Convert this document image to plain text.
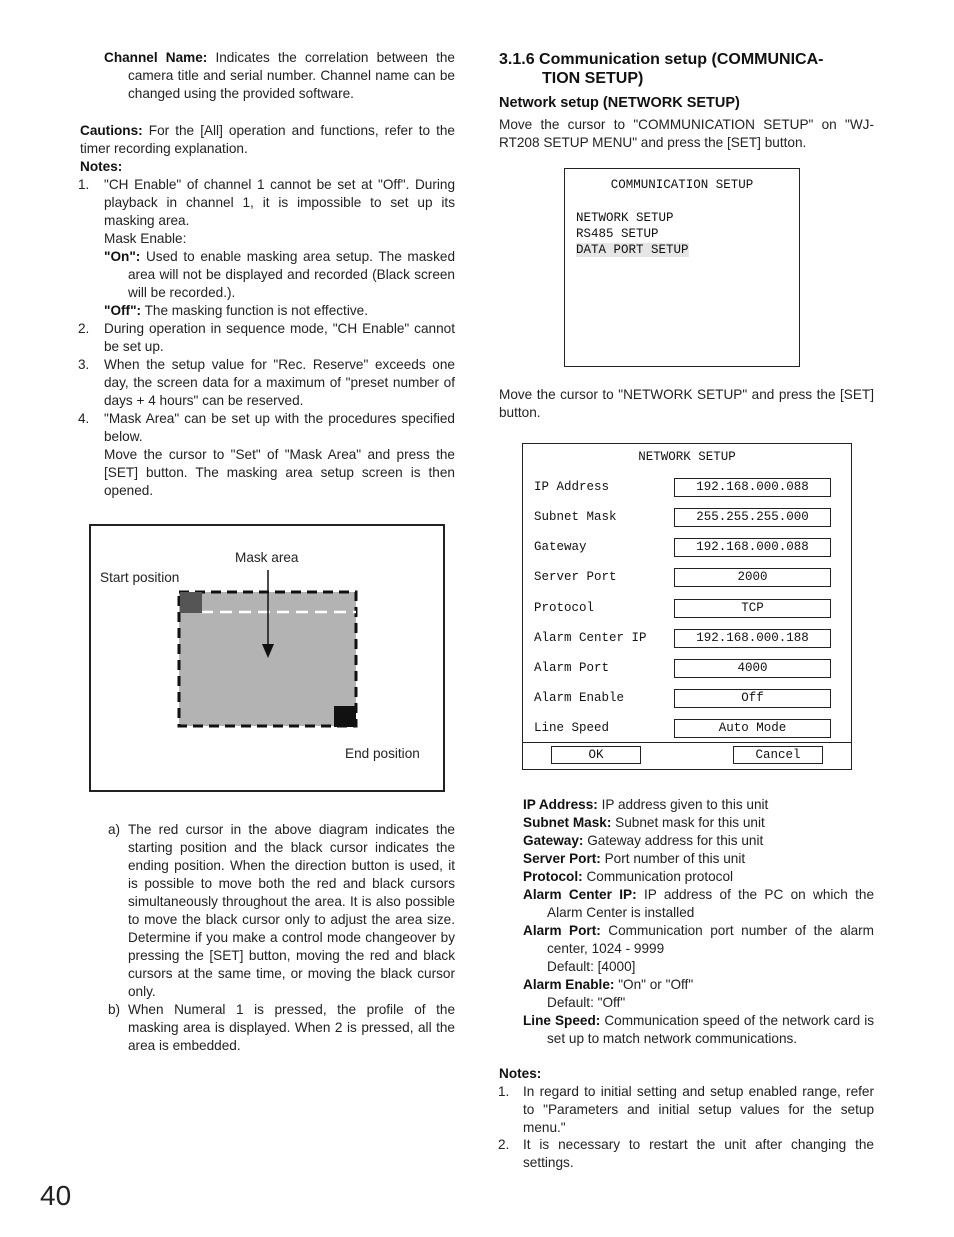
Channel Name: Indicates the correlation between the camera title and serial number. Channel name can be changed using the provided software.
Cautions: For the [All] operation and functions, refer to the timer recording explanation.
Notes:
1.	"CH Enable" of channel 1 cannot be set at "Off". During playback in channel 1, it is impossible to set up its masking area.
Mask Enable:
"On": Used to enable masking area setup. The masked area will not be displayed and recorded (Black screen will be recorded.).
"Off": The masking function is not effective.
2.	During operation in sequence mode, "CH Enable" cannot be set up.
3.	When the setup value for "Rec. Reserve" exceeds one day, the screen data for a maximum of "preset number of days + 4 hours" can be reserved.
4.	"Mask Area" can be set up with the procedures specified below.
Move the cursor to "Set" of "Mask Area" and press the [SET] button. The masking area setup screen is then opened.
Mask area
Start position
End position
a) The red cursor in the above diagram indicates the starting position and the black cursor indicates the ending position. When the direction button is used, it is possible to move both the red and black cursors simultaneously throughout the area. It is also possible to move the black cursor only to adjust the area size. Determine if you make a control mode changeover by pressing the [SET] button, moving the red and black cursors at the same time, or moving the black cursor only.
b) When Numeral 1 is pressed, the profile of the masking area is displayed. When 2 is pressed, all the area is embedded.
3.1.6 Communication setup (COMMUNICA-
TION SETUP)
Network setup (NETWORK SETUP)
Move the cursor to "COMMUNICATION SETUP" on "WJ-RT208 SETUP MENU" and press the [SET] button.
COMMUNICATION SETUP
NETWORK SETUP
RS485 SETUP
DATA PORT SETUP
Move the cursor to "NETWORK SETUP" and press the [SET] button.
NETWORK SETUP
IP Address	192.168.000.088
Subnet Mask	255.255.255.000
Gateway	192.168.000.088
Server Port	2000
Protocol	TCP
Alarm Center IP	192.168.000.188
Alarm Port	4000
Alarm Enable	Off
Line Speed	Auto Mode
OK	Cancel
IP Address: IP address given to this unit
Subnet Mask: Subnet mask for this unit
Gateway: Gateway address for this unit
Server Port: Port number of this unit
Protocol: Communication protocol
Alarm Center IP: IP address of the PC on which the Alarm Center is installed
Alarm Port: Communication port number of the alarm center, 1024 - 9999
Default: [4000]
Alarm Enable: "On" or "Off"
Default: "Off"
Line Speed: Communication speed of the network card is set up to match network communications.
Notes:
1.	In regard to initial setting and setup enabled range, refer to "Parameters and initial setup values for the setup menu."
2.	It is necessary to restart the unit after changing the settings.
40
